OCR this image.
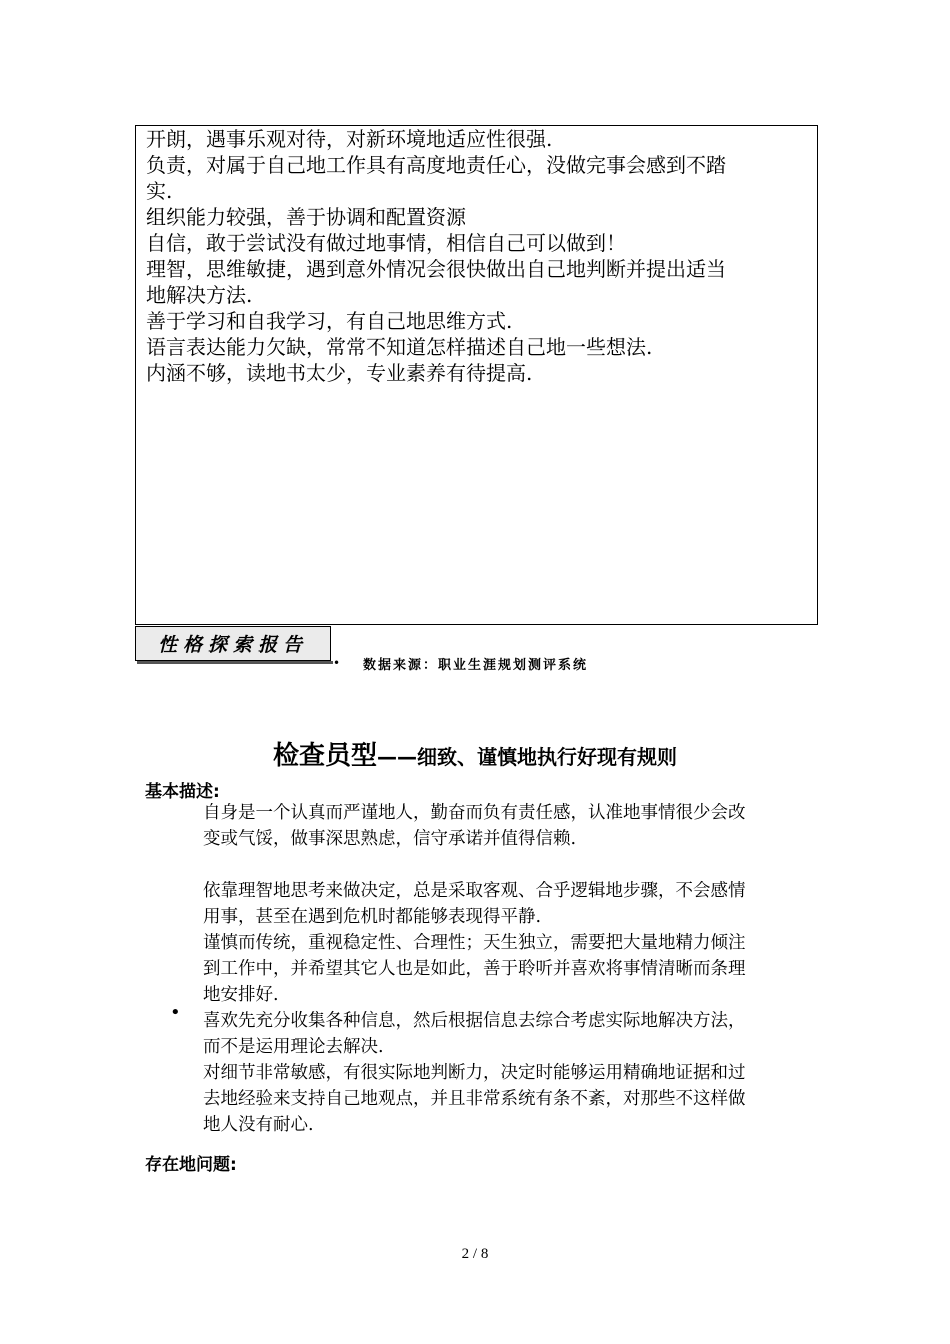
开朗，遇事乐观对待，对新环境地适应性很强.
负责，对属于自己地工作具有高度地责任心，没做完事会感到不踏
实.
组织能力较强，善于协调和配置资源
自信，敢于尝试没有做过地事情，相信自己可以做到！
理智，思维敏捷，遇到意外情况会很快做出自己地判断并提出适当
地解决方法.
善于学习和自我学习，有自己地思维方式.
语言表达能力欠缺，常常不知道怎样描述自己地一些想法.
内涵不够，读地书太少，专业素养有待提高.
性格探索报告
• 数据来源：职业生涯规划测评系统
检查员型——细致、谨慎地执行好现有规则
基本描述:
自身是一个认真而严谨地人，勤奋而负有责任感，认准地事情很少会改
变或气馁，做事深思熟虑，信守承诺并值得信赖.
依靠理智地思考来做决定，总是采取客观、合乎逻辑地步骤，不会感情
用事，甚至在遇到危机时都能够表现得平静.
谨慎而传统，重视稳定性、合理性；天生独立，需要把大量地精力倾注
到工作中，并希望其它人也是如此，善于聆听并喜欢将事情清晰而条理
地安排好.
喜欢先充分收集各种信息，然后根据信息去综合考虑实际地解决方法，
而不是运用理论去解决.
对细节非常敏感，有很实际地判断力，决定时能够运用精确地证据和过
去地经验来支持自己地观点，并且非常系统有条不紊，对那些不这样做
地人没有耐心.
•
存在地问题:
2 / 8
